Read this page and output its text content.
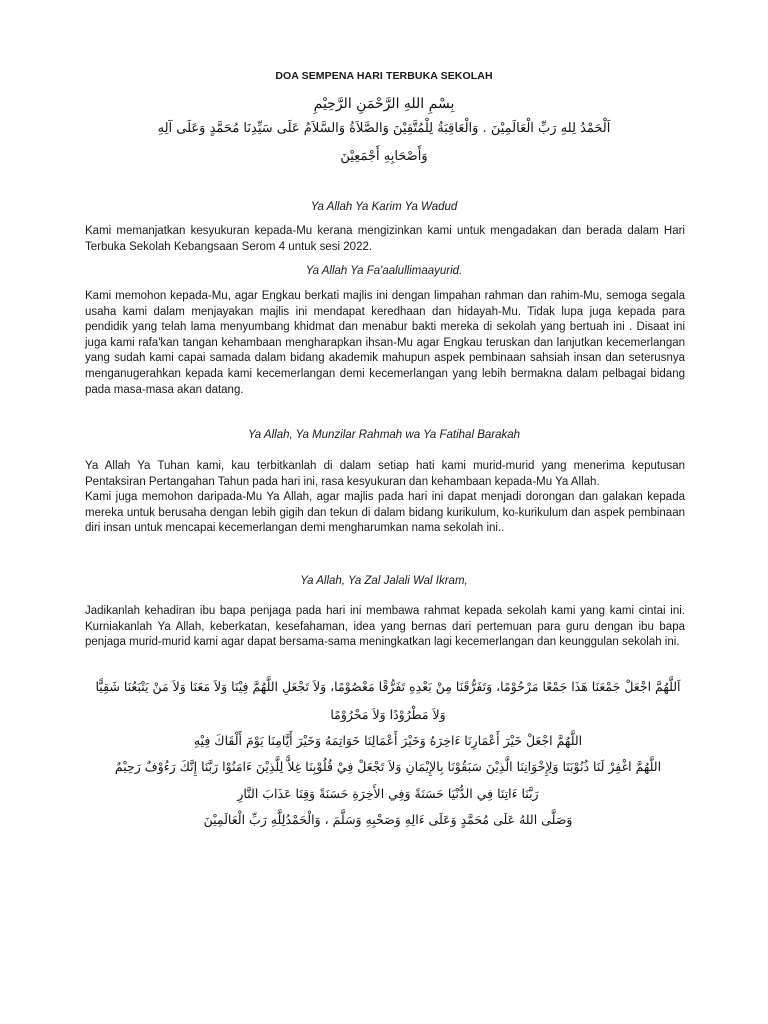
DOA SEMPENA HARI TERBUKA SEKOLAH
بِسْمِ اللهِ الرَّحْمَنِ الرَّحِيْمِ
اَلْحَمْدُ لِلهِ رَبِّ الْعَالَمِيْنَ . وَالْعَاقِبَةُ لِلْمُتَّقِيْنَ وَالصَّلاَةُ وَالسَّلاَمُ عَلَى سَيِّدِنَا مُحَمَّدٍ وَعَلَى آلِهِ
وَأَصْحَابِهِ أَجْمَعِيْنَ
Ya Allah Ya Karim Ya Wadud

Kami memanjatkan kesyukuran kepada-Mu kerana mengizinkan kami untuk mengadakan dan berada dalam Hari Terbuka Sekolah Kebangsaan Serom 4 untuk sesi 2022.

Ya Allah Ya Fa'aalullimaayurid.

Kami memohon kepada-Mu, agar Engkau berkati majlis ini dengan limpahan rahman dan rahim-Mu, semoga segala usaha kami dalam menjayakan majlis ini mendapat keredhaan dan hidayah-Mu. Tidak lupa juga kepada para pendidik yang telah lama menyumbang khidmat dan menabur bakti mereka di sekolah yang bertuah ini . Disaat ini juga kami rafa'kan tangan kehambaan mengharapkan ihsan-Mu agar Engkau teruskan dan lanjutkan kecemerlangan yang sudah kami capai samada dalam bidang akademik mahupun aspek pembinaan sahsiah insan dan seterusnya menganugerahkan kepada kami kecemerlangan demi kecemerlangan yang lebih bermakna dalam pelbagai bidang pada masa-masa akan datang.

Ya Allah, Ya Munzilar Rahmah wa Ya Fatihal Barakah

Ya Allah Ya Tuhan kami, kau terbitkanlah di dalam setiap hati kami murid-murid yang menerima keputusan Pentaksiran Pertangahan Tahun pada hari ini, rasa kesyukuran dan kehambaan kepada-Mu Ya Allah.

Kami juga memohon daripada-Mu Ya Allah, agar majlis pada hari ini dapat menjadi dorongan dan galakan kepada mereka untuk berusaha dengan lebih gigih dan tekun di dalam bidang kurikulum, ko-kurikulum dan aspek pembinaan diri insan untuk mencapai kecemerlangan demi mengharumkan nama sekolah ini..

Ya Allah, Ya Zal Jalali Wal Ikram,

Jadikanlah kehadiran ibu bapa penjaga pada hari ini membawa rahmat kepada sekolah kami yang kami cintai ini. Kurniakanlah Ya Allah, keberkatan, kesefahaman, idea yang bernas dari pertemuan para guru dengan ibu bapa penjaga murid-murid kami agar dapat bersama-sama meningkatkan lagi kecemerlangan dan keunggulan sekolah ini.

اَللَّهُمَّ اجْعَلْ جَمْعَنَا هَذَا جَمْعًا مَرْحُوْمًا، وَتَفَرُّقَنَا مِنْ بَعْدِهِ تَفَرُّقًا مَعْصُوْمًا، وَلاَ تَجْعَلِ اللَّهُمَّ فِيْنَا وَلاَ مَعَنَا وَلاَ مَنْ يَتْبَعُنَا شَقِيًّا

وَلاَ مَطْرُوْدًا وَلاَ مَحْرُوْمًا

اللَّهُمَّ اجْعَلْ خَيْرَ أَعْمَارِنَا ءَاخِرَهُ وَخَيْرَ أَعْمَالِنَا خَوَاتِمَهُ وَخَيْرَ أَيَّامِنَا يَوْمَ أَلْقَاكَ فِيْهِ

اللَّهُمَّ اغْفِرْ لَنَا ذُنُوْبَنَا وَلِإِخْوَانِنَا الَّذِيْنَ سَبَقُوْنَا بِالإِيْمَانِ وَلاَ تَجْعَلْ فِيْ قُلُوْبِنَا غِلاًّ لِلَّذِيْنَ ءَامَنُوْا رَبَّنَا إِنَّكَ رَءُوْفٌ رَحِيْمٌ

رَبَّنَا ءَاتِنَا فِي الدُّنْيَا حَسَنَةً وَفِي الأَخِرَةِ حَسَنَةً وَقِنَا عَذَابَ النَّارِ

وَصَلَّى اللهُ عَلَى مُحَمَّدٍ وَعَلَى ءَالِهِ وَصَحْبِهِ وَسَلَّمَ ، وَالْحَمْدُلِلَّهِ رَبِّ الْعَالَمِيْنَ
